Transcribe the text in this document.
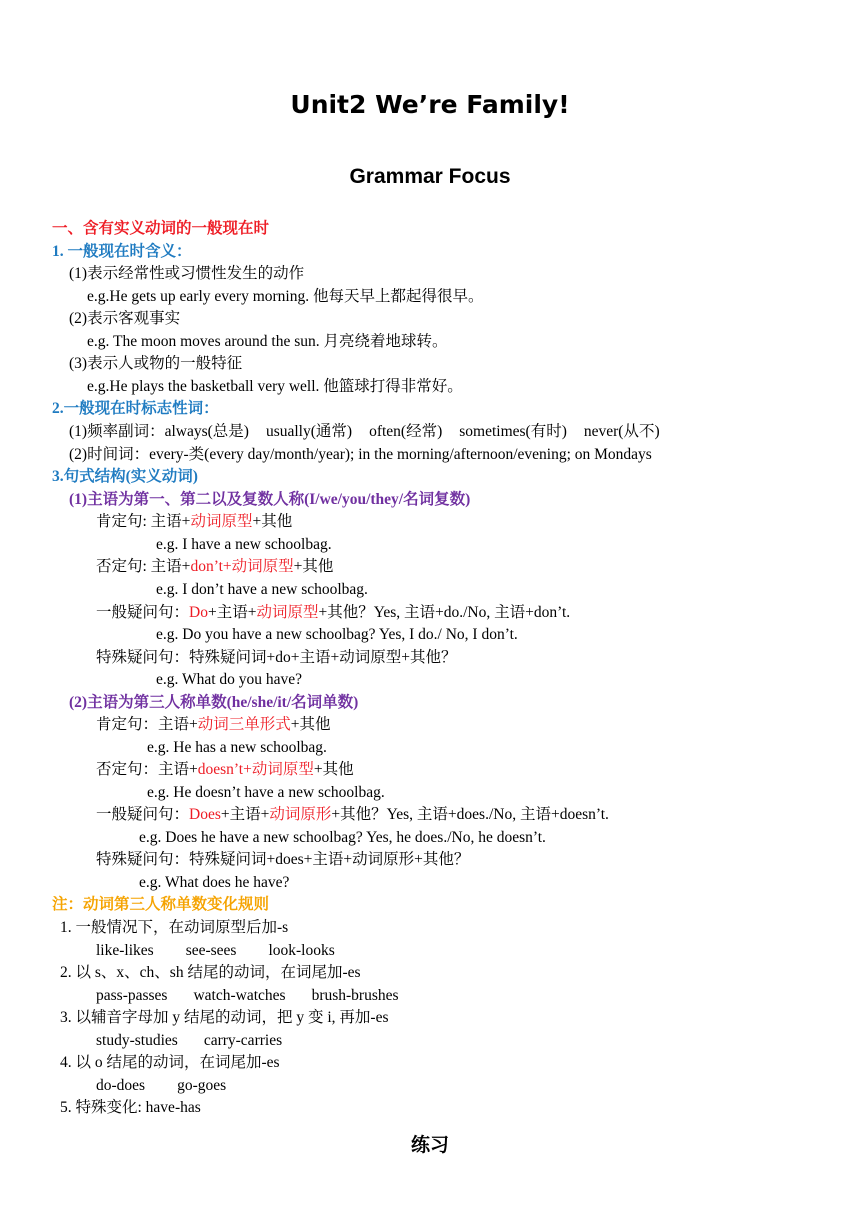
Unit2 We’re Family!
Grammar Focus
一、含有实义动词的一般现在时
1. 一般现在时含义：
(1)表示经常性或习惯性发生的动作
e.g.He gets up early every morning. 他每天早上都起得很早。
(2)表示客观事实
e.g. The moon moves around the sun. 月亮绕着地球转。
(3)表示人或物的一般特征
e.g.He plays the basketball very well. 他篮球打得非常好。
2.一般现在时标志性词：
(1)频率副词：always(总是) usually(通常) often(经常) sometimes(有时) never(从不)
(2)时间词：every-类(every day/month/year); in the morning/afternoon/evening; on Mondays
3.句式结构(实义动词)
(1)主语为第一、第二以及复数人称(I/we/you/they/名词复数)
肯定句: 主语+动词原型+其他
e.g. I have a new schoolbag.
否定句: 主语+don’t+动词原型+其他
e.g. I don’t have a new schoolbag.
一般疑问句：Do+主语+动词原型+其他？Yes, 主语+do./No, 主语+don’t.
e.g. Do you have a new schoolbag? Yes, I do./ No, I don’t.
特殊疑问句：特殊疑问词+do+主语+动词原型+其他？
e.g. What do you have?
(2)主语为第三人称单数(he/she/it/名词单数)
肯定句：主语+动词三单形式+其他
e.g. He has a new schoolbag.
否定句：主语+doesn’t+动词原型+其他
e.g. He doesn’t have a new schoolbag.
一般疑问句：Does+主语+动词原形+其他？Yes, 主语+does./No, 主语+doesn’t.
e.g. Does he have a new schoolbag? Yes, he does./No, he doesn’t.
特殊疑问句：特殊疑问词+does+主语+动词原形+其他？
e.g. What does he have?
注：动词第三人称单数变化规则
1. 一般情况下，在动词原型后加-s
like-likes see-sees look-looks
2. 以 s、x、ch、sh 结尾的动词，在词尾加-es
pass-passes watch-watches brush-brushes
3. 以辅音字母加 y 结尾的动词，把 y 变 i, 再加-es
study-studies carry-carries
4. 以 o 结尾的动词，在词尾加-es
do-does go-goes
5. 特殊变化: have-has
练习
